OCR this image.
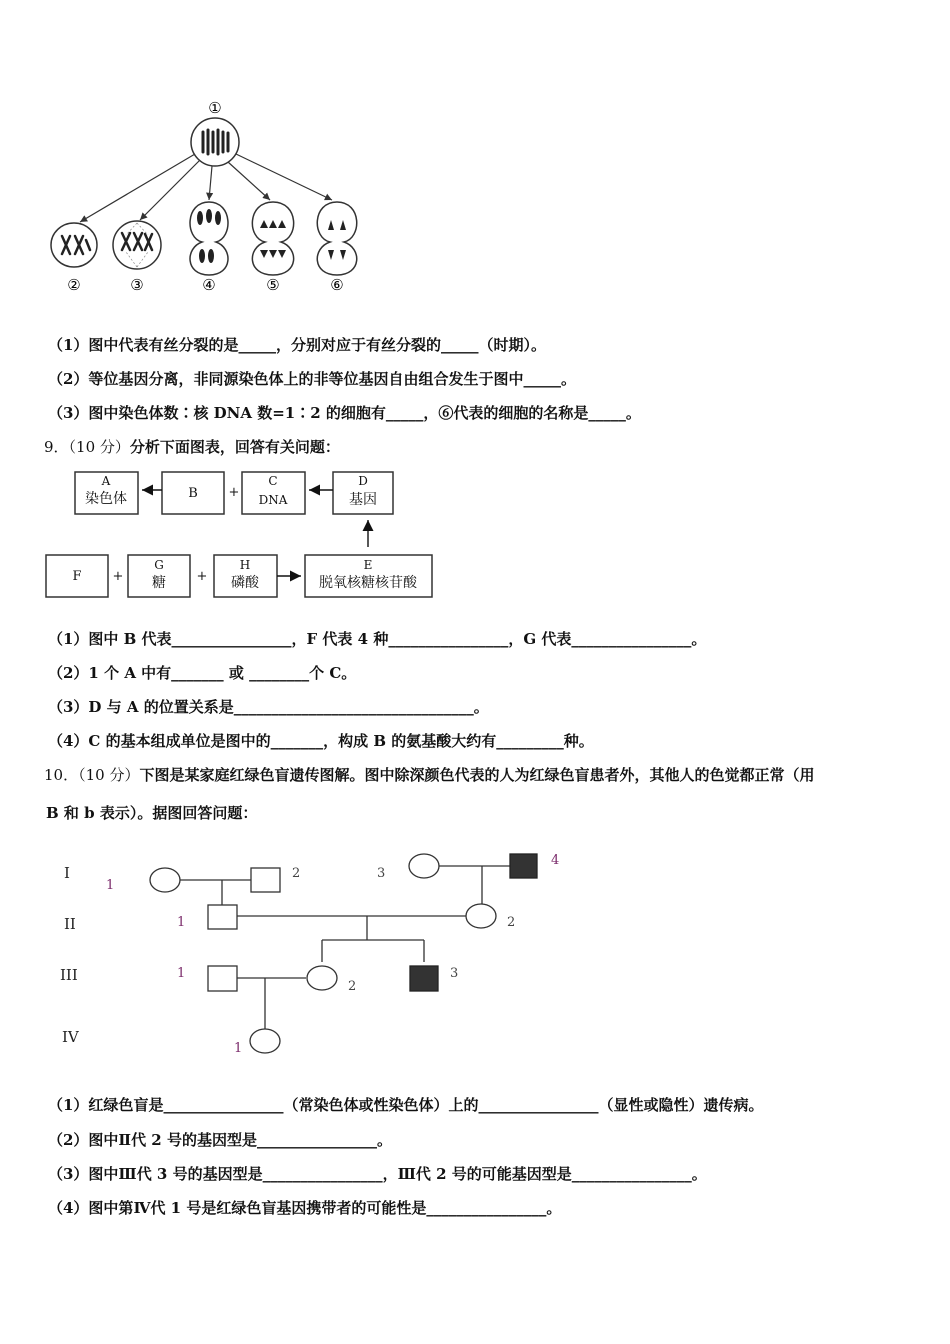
①
②	③	④	⑤	⑥
（1）图中代表有丝分裂的是_____，分别对应于有丝分裂的_____（时期）。
（2）等位基因分离，非同源染色体上的非等位基因自由组合发生于图中_____。
（3）图中染色体数∶核 DNA 数=1∶2 的细胞有_____，⑥代表的细胞的名称是_____。
9．（10 分）分析下面图表，回答有关问题：
A
染色体	B +
C
DNA
D
基因
F +
G
糖 +
H
磷酸
E
脱氧核糖核苷酸
（1）图中 B 代表________________，F 代表 4 种________________，G 代表________________。
（2）1 个 A 中有_______ 或 ________个 C。
（3）D 与 A 的位置关系是________________________________。
（4）C 的基本组成单位是图中的_______，构成 B 的氨基酸大约有_________种。
10．（10 分）下图是某家庭红绿色盲遗传图解。图中除深颜色代表的人为红绿色盲患者外，其他人的色觉都正常（用
B 和 b 表示）。据图回答问题：
I
II
III
IV
1
2	3
4
1	2
1
2
3
1
（1）红绿色盲是________________（常染色体或性染色体）上的________________（显性或隐性）遗传病。
（2）图中Ⅱ代 2 号的基因型是________________。
（3）图中Ⅲ代 3 号的基因型是________________，Ⅲ代 2 号的可能基因型是________________。
（4）图中第Ⅳ代 1 号是红绿色盲基因携带者的可能性是________________。
